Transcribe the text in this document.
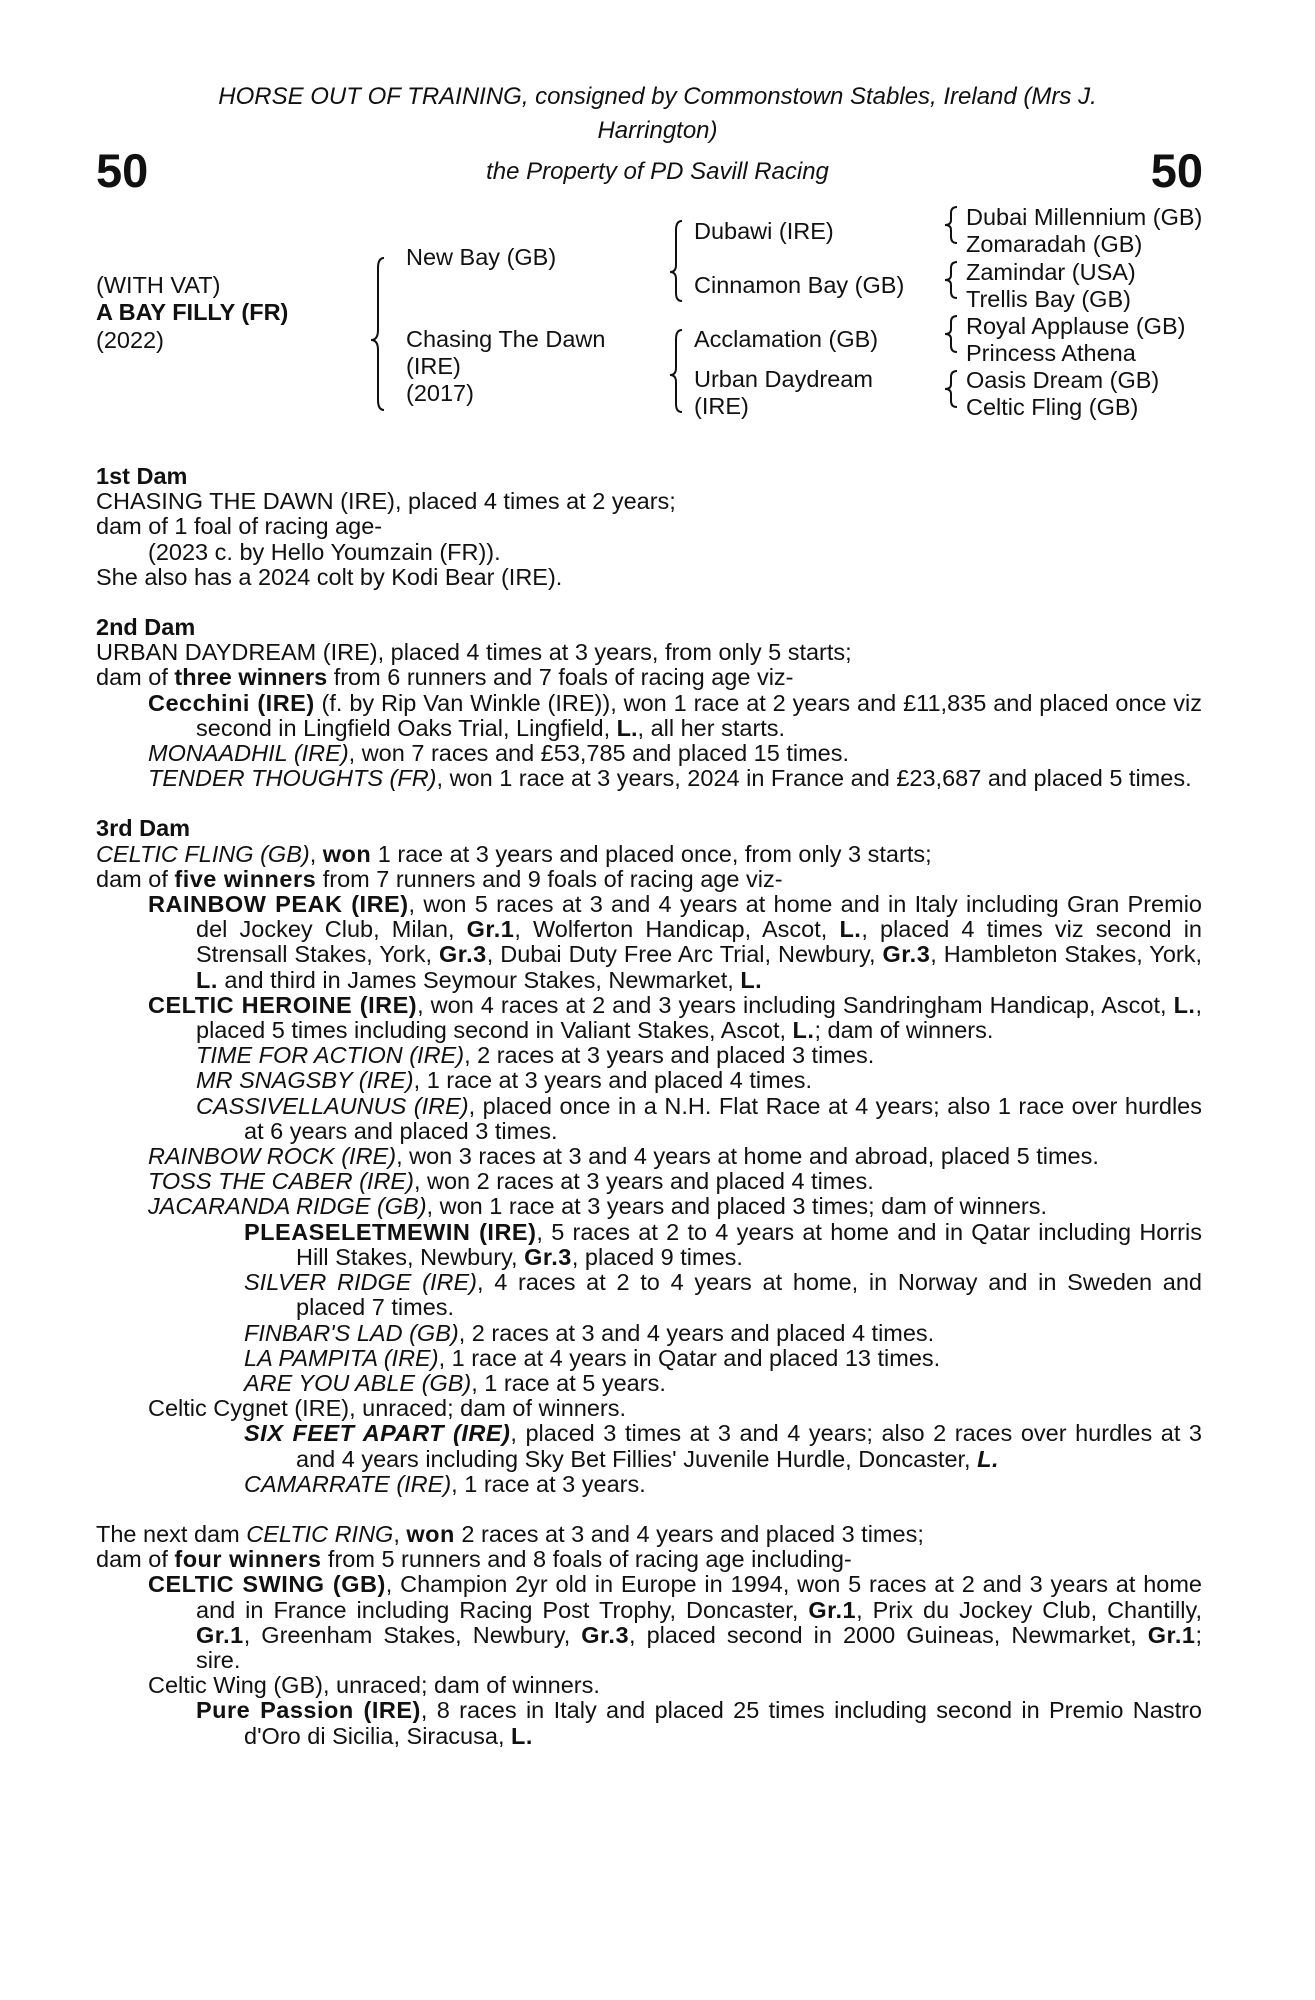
HORSE OUT OF TRAINING, consigned by Commonstown Stables, Ireland (Mrs J.
Harrington)
the Property of PD Savill Racing
50	50
(WITH VAT)
A BAY FILLY (FR)
(2022)
New Bay (GB)
Chasing The Dawn
(IRE)
(2017)
Dubawi (IRE)
Cinnamon Bay (GB)
Acclamation (GB)
Urban Daydream
(IRE)
Dubai Millennium (GB)
Zomaradah (GB)
Zamindar (USA)
Trellis Bay (GB)
Royal Applause (GB)
Princess Athena
Oasis Dream (GB)
Celtic Fling (GB)

1st Dam

CHASING THE DAWN (IRE), placed 4 times at 2 years;

dam of 1 foal of racing age-

(2023 c. by Hello Youmzain (FR)).

She also has a 2024 colt by Kodi Bear (IRE).

2nd Dam

URBAN DAYDREAM (IRE), placed 4 times at 3 years, from only 5 starts;

dam of three winners from 6 runners and 7 foals of racing age viz-

Cecchini (IRE) (f. by Rip Van Winkle (IRE)), won 1 race at 2 years and £11,835 and placed once viz second in Lingfield Oaks Trial, Lingfield, L., all her starts.

MONAADHIL (IRE), won 7 races and £53,785 and placed 15 times.

TENDER THOUGHTS (FR), won 1 race at 3 years, 2024 in France and £23,687 and placed 5 times.

3rd Dam

CELTIC FLING (GB), won 1 race at 3 years and placed once, from only 3 starts;

dam of five winners from 7 runners and 9 foals of racing age viz-

RAINBOW PEAK (IRE), won 5 races at 3 and 4 years at home and in Italy including Gran Premio del Jockey Club, Milan, Gr.1, Wolferton Handicap, Ascot, L., placed 4 times viz second in Strensall Stakes, York, Gr.3, Dubai Duty Free Arc Trial, Newbury, Gr.3, Hambleton Stakes, York, L. and third in James Seymour Stakes, Newmarket, L.

CELTIC HEROINE (IRE), won 4 races at 2 and 3 years including Sandringham Handicap, Ascot, L., placed 5 times including second in Valiant Stakes, Ascot, L.; dam of winners.

TIME FOR ACTION (IRE), 2 races at 3 years and placed 3 times.

MR SNAGSBY (IRE), 1 race at 3 years and placed 4 times.

CASSIVELLAUNUS (IRE), placed once in a N.H. Flat Race at 4 years; also 1 race over hurdles at 6 years and placed 3 times.

RAINBOW ROCK (IRE), won 3 races at 3 and 4 years at home and abroad, placed 5 times.

TOSS THE CABER (IRE), won 2 races at 3 years and placed 4 times.

JACARANDA RIDGE (GB), won 1 race at 3 years and placed 3 times; dam of winners.

PLEASELETMEWIN (IRE), 5 races at 2 to 4 years at home and in Qatar including Horris Hill Stakes, Newbury, Gr.3, placed 9 times.

SILVER RIDGE (IRE), 4 races at 2 to 4 years at home, in Norway and in Sweden and placed 7 times.

FINBAR'S LAD (GB), 2 races at 3 and 4 years and placed 4 times.

LA PAMPITA (IRE), 1 race at 4 years in Qatar and placed 13 times.

ARE YOU ABLE (GB), 1 race at 5 years.

Celtic Cygnet (IRE), unraced; dam of winners.

SIX FEET APART (IRE), placed 3 times at 3 and 4 years; also 2 races over hurdles at 3 and 4 years including Sky Bet Fillies' Juvenile Hurdle, Doncaster, L.

CAMARRATE (IRE), 1 race at 3 years.

The next dam CELTIC RING, won 2 races at 3 and 4 years and placed 3 times;

dam of four winners from 5 runners and 8 foals of racing age including-

CELTIC SWING (GB), Champion 2yr old in Europe in 1994, won 5 races at 2 and 3 years at home and in France including Racing Post Trophy, Doncaster, Gr.1, Prix du Jockey Club, Chantilly, Gr.1, Greenham Stakes, Newbury, Gr.3, placed second in 2000 Guineas, Newmarket, Gr.1; sire.

Celtic Wing (GB), unraced; dam of winners.

Pure Passion (IRE), 8 races in Italy and placed 25 times including second in Premio Nastro d'Oro di Sicilia, Siracusa, L.
